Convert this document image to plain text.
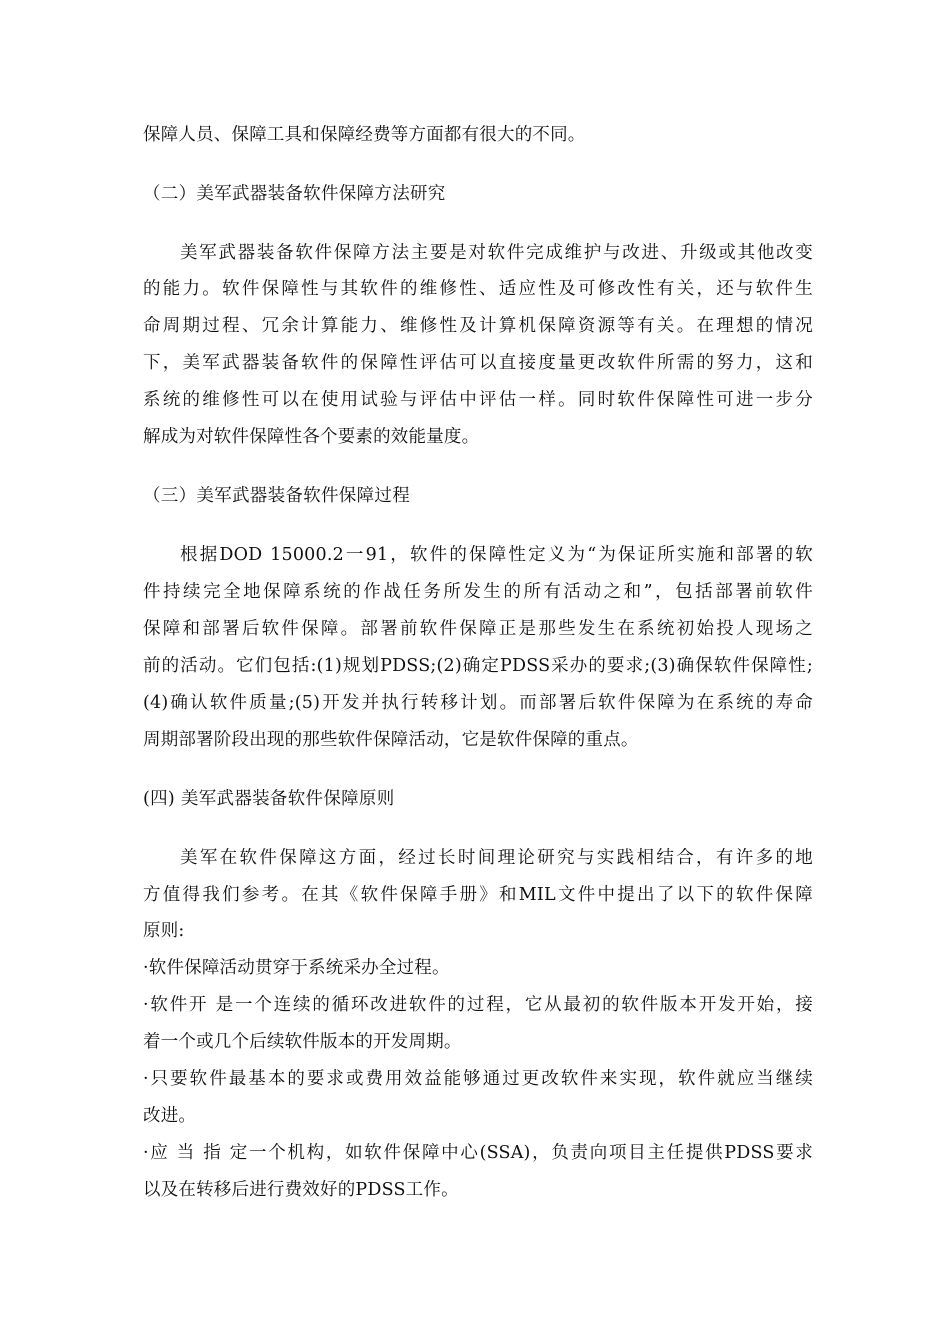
保障人员、保障工具和保障经费等方面都有很大的不同。
（二）美军武器装备软件保障方法研究
美军武器装备软件保障方法主要是对软件完成维护与改进、升级或其他改变
的能力。软件保障性与其软件的维修性、适应性及可修改性有关，还与软件生
命周期过程、冗余计算能力、维修性及计算机保障资源等有关。在理想的情况
下，美军武器装备软件的保障性评估可以直接度量更改软件所需的努力，这和
系统的维修性可以在使用试验与评估中评估一样。同时软件保障性可进一步分
解成为对软件保障性各个要素的效能量度。
（三）美军武器装备软件保障过程
根据DOD 15000.2一91，软件的保障性定义为“为保证所实施和部署的软
件持续完全地保障系统的作战任务所发生的所有活动之和”，包括部署前软件
保障和部署后软件保障。部署前软件保障正是那些发生在系统初始投人现场之
前的活动。它们包括:(1)规划PDSS;(2)确定PDSS采办的要求;(3)确保软件保障性;
(4)确认软件质量;(5)开发并执行转移计划。而部署后软件保障为在系统的寿命
周期部署阶段出现的那些软件保障活动，它是软件保障的重点。
(四) 美军武器装备软件保障原则
美军在软件保障这方面，经过长时间理论研究与实践相结合，有许多的地
方值得我们参考。在其《软件保障手册》和MIL文件中提出了以下的软件保障
原则:
·软件保障活动贯穿于系统采办全过程。
·软件开 是一个连续的循环改进软件的过程，它从最初的软件版本开发开始，接
着一个或几个后续软件版本的开发周期。
·只要软件最基本的要求或费用效益能够通过更改软件来实现，软件就应当继续
改进。
·应 当 指 定一个机构，如软件保障中心(SSA)，负责向项目主任提供PDSS要求
以及在转移后进行费效好的PDSS工作。
